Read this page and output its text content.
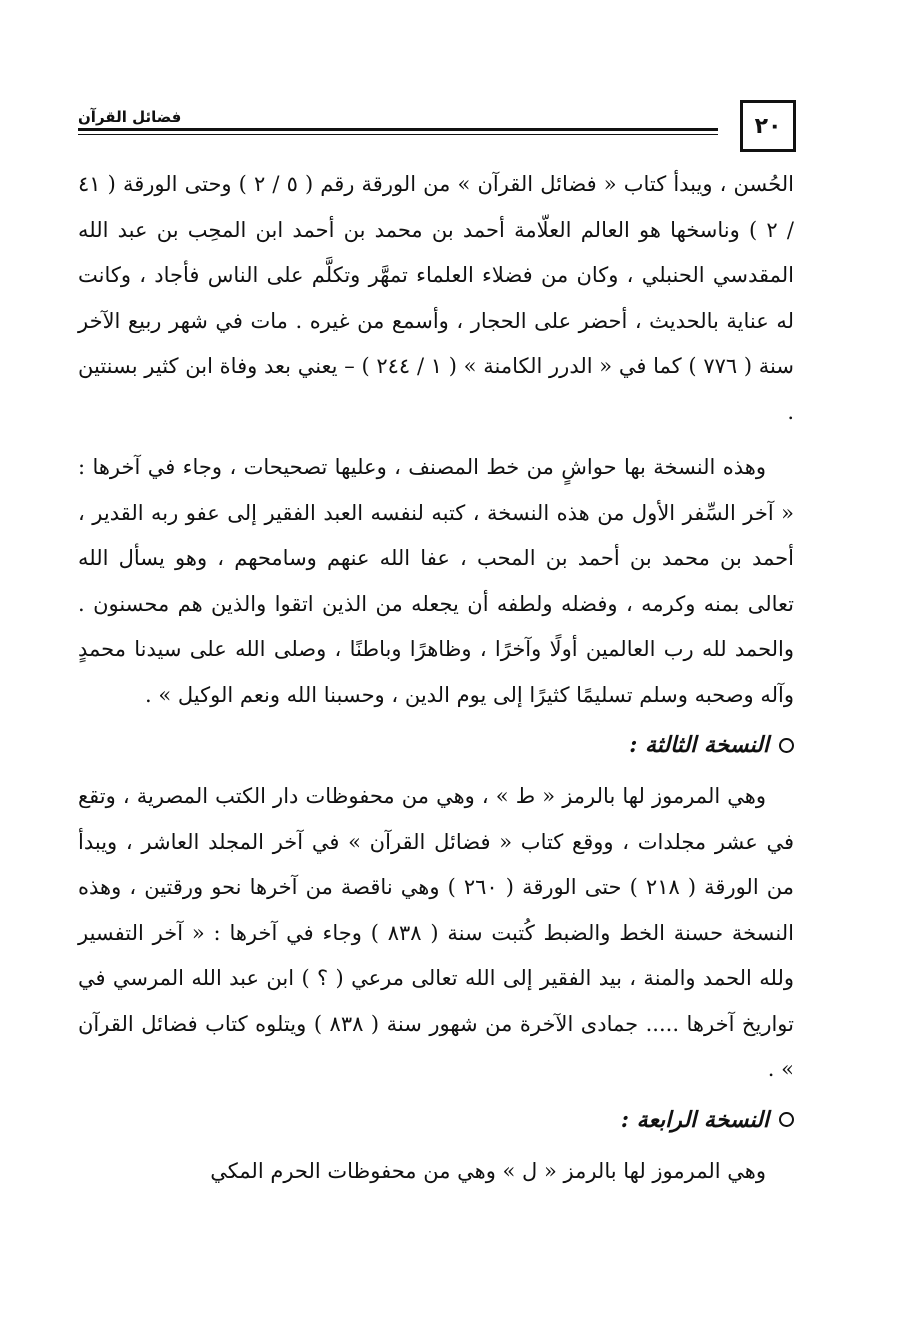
٢٠
فضائل القرآن

الحُسن ، ويبدأ كتاب « فضائل القرآن » من الورقة رقم ( ٥ / ٢ ) وحتى الورقة ( ٤١ / ٢ ) وناسخها هو العالم العلّامة أحمد بن محمد بن أحمد ابن المحِب بن عبد الله المقدسي الحنبلي ، وكان من فضلاء العلماء تمهَّر وتكلَّم على الناس فأجاد ، وكانت له عناية بالحديث ، أحضر على الحجار ، وأسمع من غيره . مات في شهر ربيع الآخر سنة ( ٧٧٦ ) كما في « الدرر الكامنة » ( ١ / ٢٤٤ ) – يعني بعد وفاة ابن كثير بسنتين .

وهذه النسخة بها حواشٍ من خط المصنف ، وعليها تصحيحات ، وجاء في آخرها : « آخر السِّفر الأول من هذه النسخة ، كتبه لنفسه العبد الفقير إلى عفو ربه القدير ، أحمد بن محمد بن أحمد بن المحب ، عفا الله عنهم وسامحهم ، وهو يسأل الله تعالى بمنه وكرمه ، وفضله ولطفه أن يجعله من الذين اتقوا والذين هم محسنون . والحمد لله رب العالمين أولًا وآخرًا ، وظاهرًا وباطنًا ، وصلى الله على سيدنا محمدٍ وآله وصحبه وسلم تسليمًا كثيرًا إلى يوم الدين ، وحسبنا الله ونعم الوكيل » .

النسخة الثالثة :

وهي المرموز لها بالرمز « ط » ، وهي من محفوظات دار الكتب المصرية ، وتقع في عشر مجلدات ، ووقع كتاب « فضائل القرآن » في آخر المجلد العاشر ، ويبدأ من الورقة ( ٢١٨ ) حتى الورقة ( ٢٦٠ ) وهي ناقصة من آخرها نحو ورقتين ، وهذه النسخة حسنة الخط والضبط كُتبت سنة ( ٨٣٨ ) وجاء في آخرها : « آخر التفسير ولله الحمد والمنة ، بيد الفقير إلى الله تعالى مرعي ( ؟ ) ابن عبد الله المرسي في تواريخ آخرها ..... جمادى الآخرة من شهور سنة ( ٨٣٨ ) ويتلوه كتاب فضائل القرآن » .

النسخة الرابعة :

وهي المرموز لها بالرمز « ل » وهي من محفوظات الحرم المكي
